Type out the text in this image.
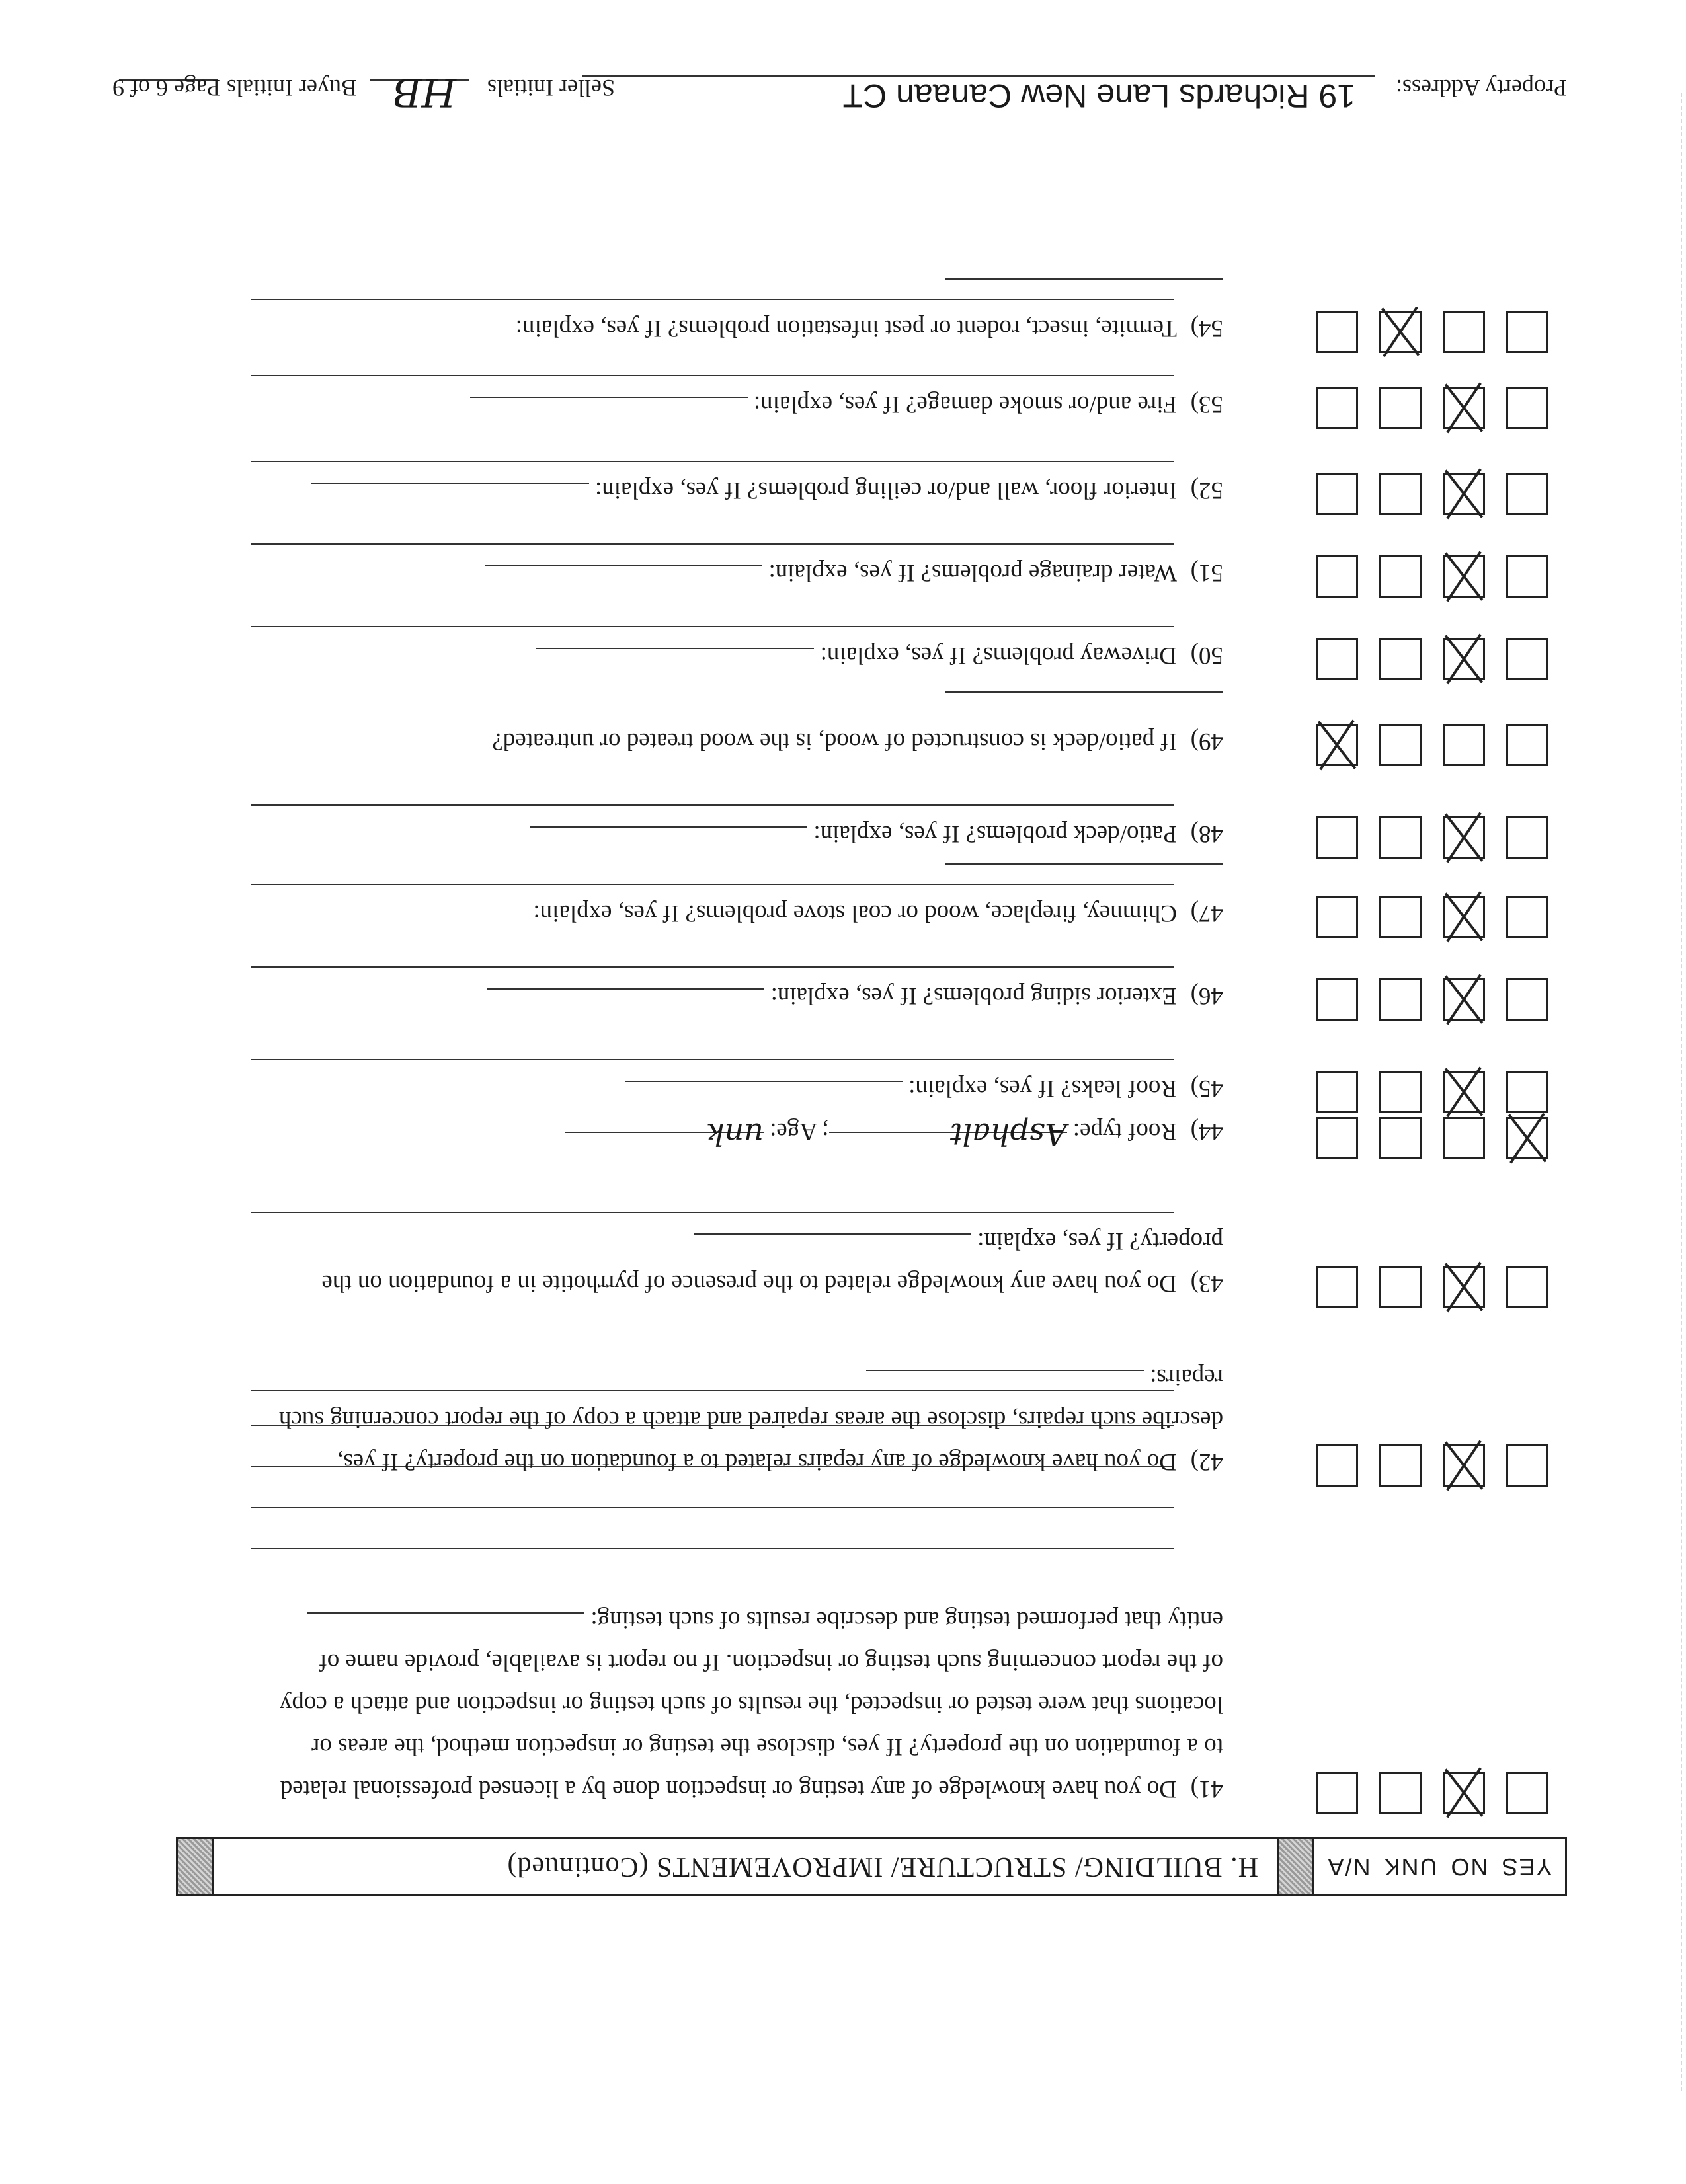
YES
NO
UNK
N/A
H. BUILDING/ STRUCTURE/ IMPROVEMENTS (Continued)
41)Do you have knowledge of any testing or inspection done by a licensed professional related to a foundation on the property? If yes, disclose the testing or inspection method, the areas or locations that were tested or inspected, the results of such testing or inspection and attach a copy of the report concerning such testing or inspection. If no report is available, provide name of entity that performed testing and describe results of such testing:
42)Do you have knowledge of any repairs related to a foundation on the property? If yes, describe such repairs, disclose the areas repaired and attach a copy of the report concerning such repairs:
43)Do you have any knowledge related to the presence of pyrrhotite in a foundation on the property? If yes, explain:
44)Roof type: Asphalt; Age: unk
45)Roof leaks? If yes, explain:
46)Exterior siding problems? If yes, explain:
47)Chimney, fireplace, wood or coal stove problems? If yes, explain:
48)Patio/deck problems? If yes, explain:
49)If patio/deck is constructed of wood, is the wood treated or untreated?
50)Driveway problems? If yes, explain:
51)Water drainage problems? If yes, explain:
52)Interior floor, wall and/or ceiling problems? If yes, explain:
53)Fire and/or smoke damage? If yes, explain:
54)Termite, insect, rodent or pest infestation problems? If yes, explain:
Property Address:
19 Richards Lane New Canaan CT
Seller Initials
HB
Buyer Initials
Page 6 of 9
